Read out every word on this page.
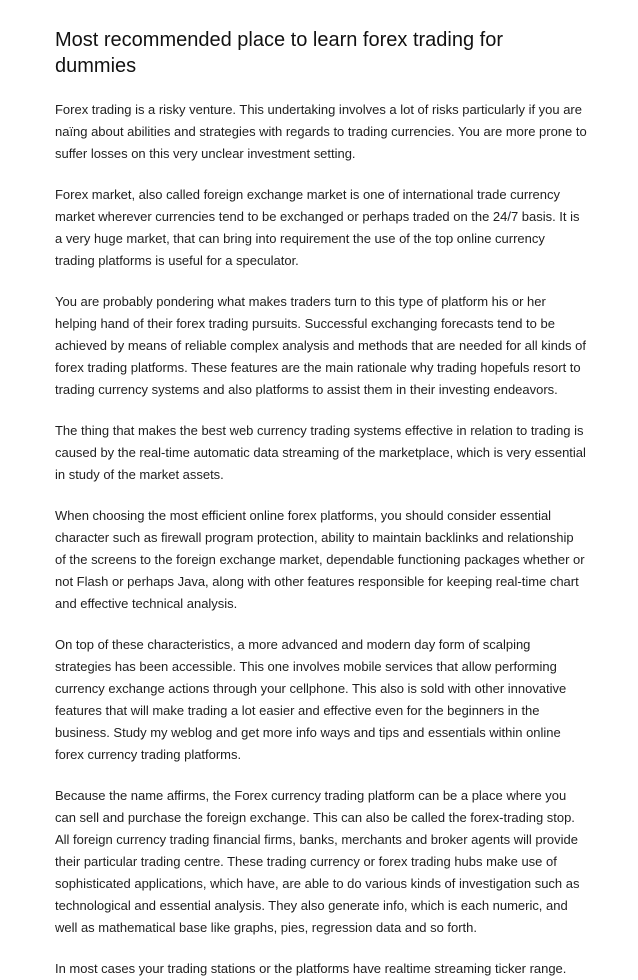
Most recommended place to learn forex trading for dummies

Forex trading is a risky venture. This undertaking involves a lot of risks particularly if you are naïng about abilities and strategies with regards to trading currencies. You are more prone to suffer losses on this very unclear investment setting.

Forex market, also called foreign exchange market is one of international trade currency market wherever currencies tend to be exchanged or perhaps traded on the 24/7 basis. It is a very huge market, that can bring into requirement the use of the top online currency trading platforms is useful for a speculator.

You are probably pondering what makes traders turn to this type of platform his or her helping hand of their forex trading pursuits. Successful exchanging forecasts tend to be achieved by means of reliable complex analysis and methods that are needed for all kinds of forex trading platforms. These features are the main rationale why trading hopefuls resort to trading currency systems and also platforms to assist them in their investing endeavors.

The thing that makes the best web currency trading systems effective in relation to trading is caused by the real-time automatic data streaming of the marketplace, which is very essential in study of the market assets.

When choosing the most efficient online forex platforms, you should consider essential character such as firewall program protection, ability to maintain backlinks and relationship of the screens to the foreign exchange market, dependable functioning packages whether or not Flash or perhaps Java, along with other features responsible for keeping real-time chart and effective technical analysis.

On top of these characteristics, a more advanced and modern day form of scalping strategies has been accessible. This one involves mobile services that allow performing currency exchange actions through your cellphone. This also is sold with other innovative features that will make trading a lot easier and effective even for the beginners in the business. Study my weblog and get more info ways and tips and essentials within online forex currency trading platforms.

Because the name affirms, the Forex currency trading platform can be a place where you can sell and purchase the foreign exchange. This can also be called the forex-trading stop. All foreign currency trading financial firms, banks, merchants and broker agents will provide their particular trading centre. These trading currency or forex trading hubs make use of sophisticated applications, which have, are able to do various kinds of investigation such as technological and essential analysis. They also generate info, which is each numeric, and well as mathematical base like graphs, pies, regression data and so forth.

In most cases your trading stations or the platforms have realtime streaming ticker range.
